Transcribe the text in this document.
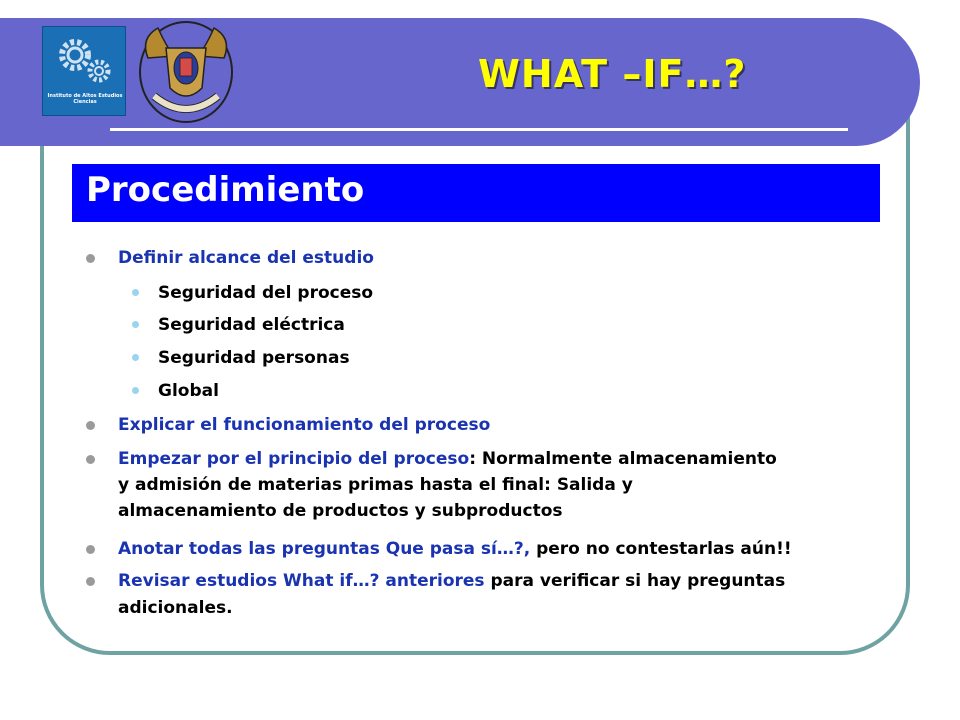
Instituto de Altos Estudios Ciencias
WHAT –IF…?
Procedimiento
Definir alcance del estudio
Seguridad del proceso
Seguridad eléctrica
Seguridad personas
Global
Explicar el funcionamiento del proceso
Empezar por el principio del proceso: Normalmente almacenamiento
y admisión de materias primas hasta el final: Salida y
almacenamiento de productos y subproductos
Anotar todas las preguntas Que pasa sí…?, pero no contestarlas aún!!
Revisar estudios What if…? anteriores para verificar si hay preguntas
adicionales.
